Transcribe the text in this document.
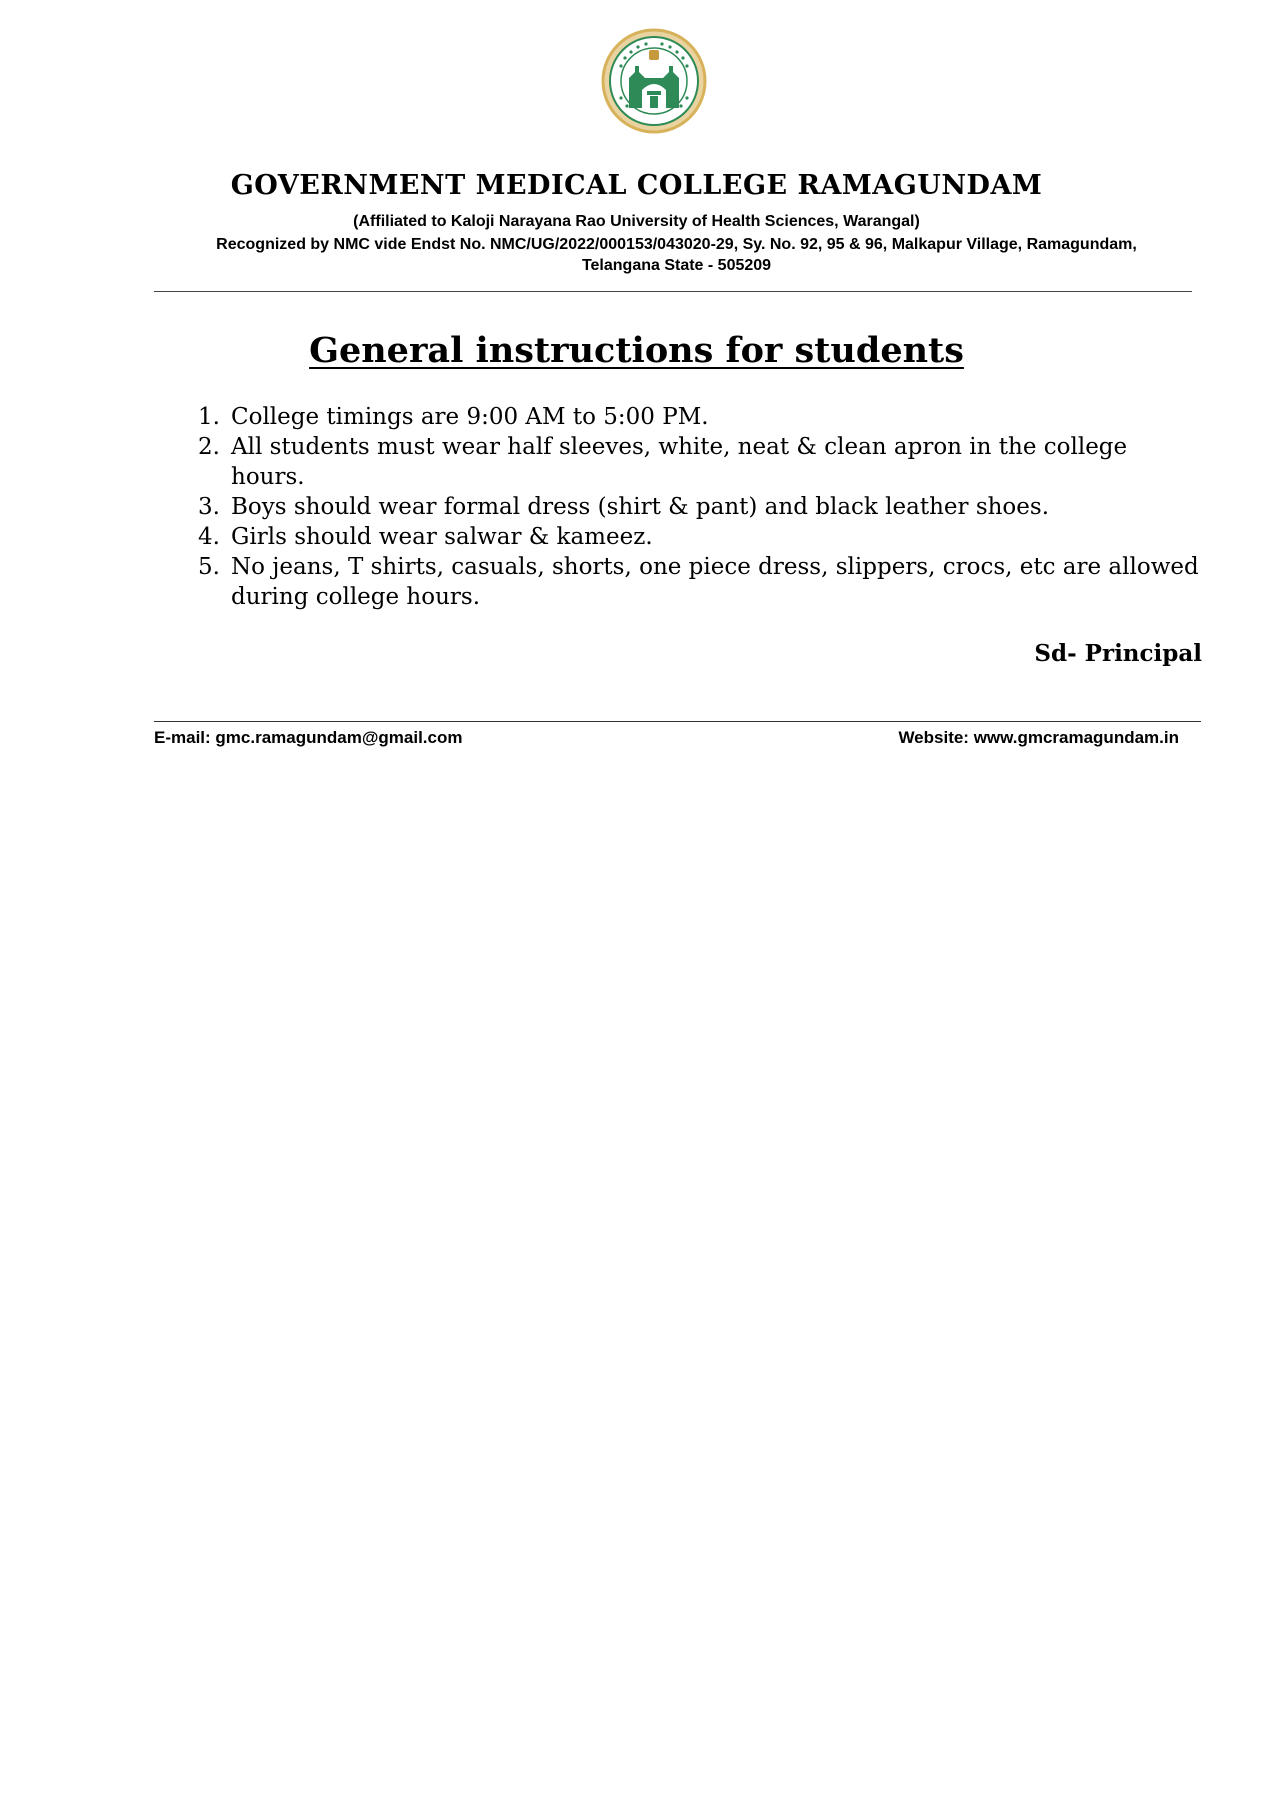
GOVERNMENT MEDICAL COLLEGE RAMAGUNDAM
(Affiliated to Kaloji Narayana Rao University of Health Sciences, Warangal)
Recognized by NMC vide Endst No. NMC/UG/2022/000153/043020-29, Sy. No. 92, 95 & 96, Malkapur Village, Ramagundam,
Telangana State - 505209
General instructions for students
1. College timings are 9:00 AM to 5:00 PM.
2. All students must wear half sleeves, white, neat & clean apron in the college hours.
3. Boys should wear formal dress (shirt & pant) and black leather shoes.
4. Girls should wear salwar & kameez.
5. No jeans, T shirts, casuals, shorts, one piece dress, slippers, crocs, etc are allowed during college hours.
Sd- Principal
E-mail: gmc.ramagundam@gmail.com	Website: www.gmcramagundam.in
